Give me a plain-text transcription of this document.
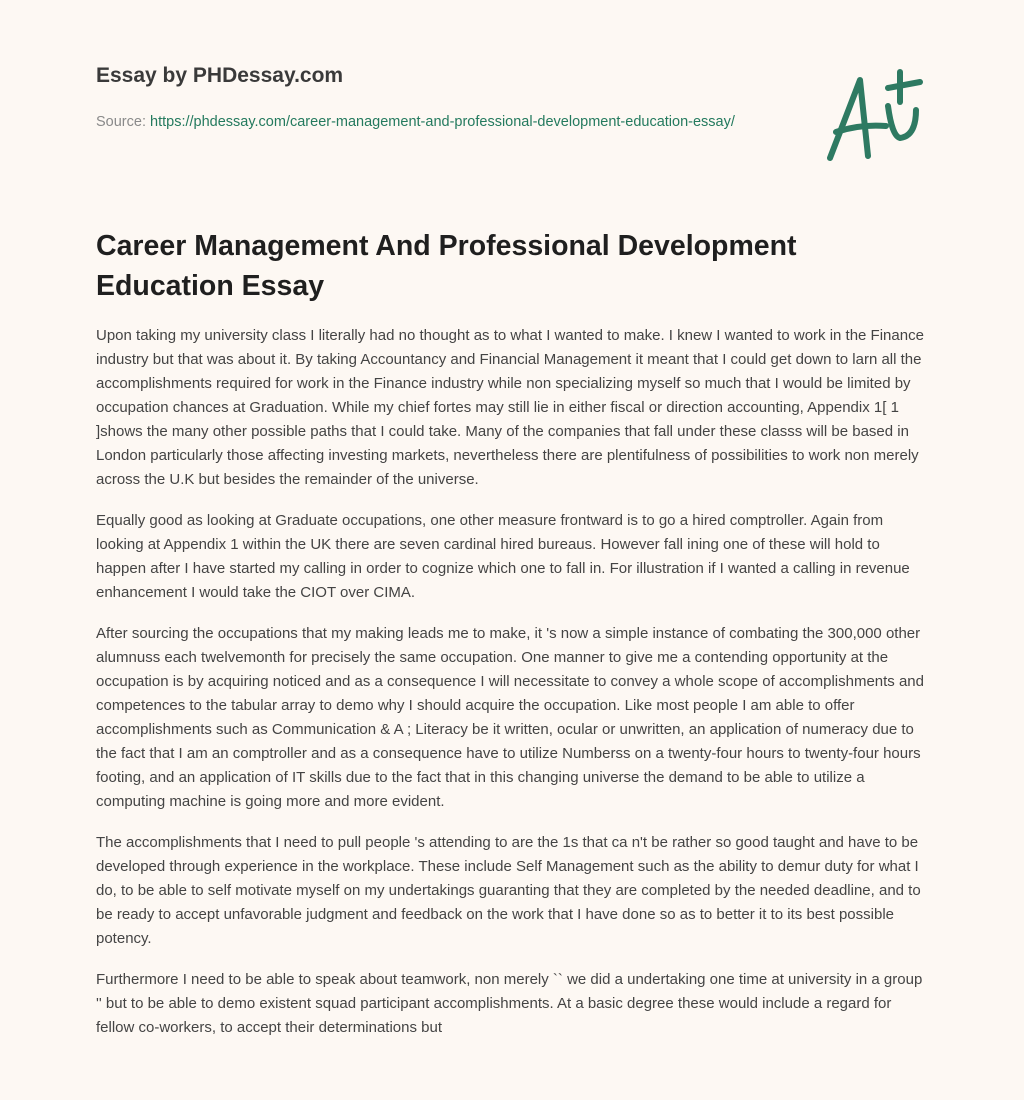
Essay by PHDessay.com
Source: https://phdessay.com/career-management-and-professional-development-education-essay/
Career Management And Professional Development Education Essay

Upon taking my university class I literally had no thought as to what I wanted to make. I knew I wanted to work in the Finance industry but that was about it. By taking Accountancy and Financial Management it meant that I could get down to larn all the accomplishments required for work in the Finance industry while non specializing myself so much that I would be limited by occupation chances at Graduation. While my chief fortes may still lie in either fiscal or direction accounting, Appendix 1[ 1 ]shows the many other possible paths that I could take. Many of the companies that fall under these classs will be based in London particularly those affecting investing markets, nevertheless there are plentifulness of possibilities to work non merely across the U.K but besides the remainder of the universe.

Equally good as looking at Graduate occupations, one other measure frontward is to go a hired comptroller. Again from looking at Appendix 1 within the UK there are seven cardinal hired bureaus. However fall ining one of these will hold to happen after I have started my calling in order to cognize which one to fall in. For illustration if I wanted a calling in revenue enhancement I would take the CIOT over CIMA.

After sourcing the occupations that my making leads me to make, it 's now a simple instance of combating the 300,000 other alumnuss each twelvemonth for precisely the same occupation. One manner to give me a contending opportunity at the occupation is by acquiring noticed and as a consequence I will necessitate to convey a whole scope of accomplishments and competences to the tabular array to demo why I should acquire the occupation. Like most people I am able to offer accomplishments such as Communication & A ; Literacy be it written, ocular or unwritten, an application of numeracy due to the fact that I am an comptroller and as a consequence have to utilize Numberss on a twenty-four hours to twenty-four hours footing, and an application of IT skills due to the fact that in this changing universe the demand to be able to utilize a computing machine is going more and more evident.

The accomplishments that I need to pull people 's attending to are the 1s that ca n't be rather so good taught and have to be developed through experience in the workplace. These include Self Management such as the ability to demur duty for what I do, to be able to self motivate myself on my undertakings guaranting that they are completed by the needed deadline, and to be ready to accept unfavorable judgment and feedback on the work that I have done so as to better it to its best possible potency.

Furthermore I need to be able to speak about teamwork, non merely `` we did a undertaking one time at university in a group '' but to be able to demo existent squad participant accomplishments. At a basic degree these would include a regard for fellow co-workers, to accept their determinations but
